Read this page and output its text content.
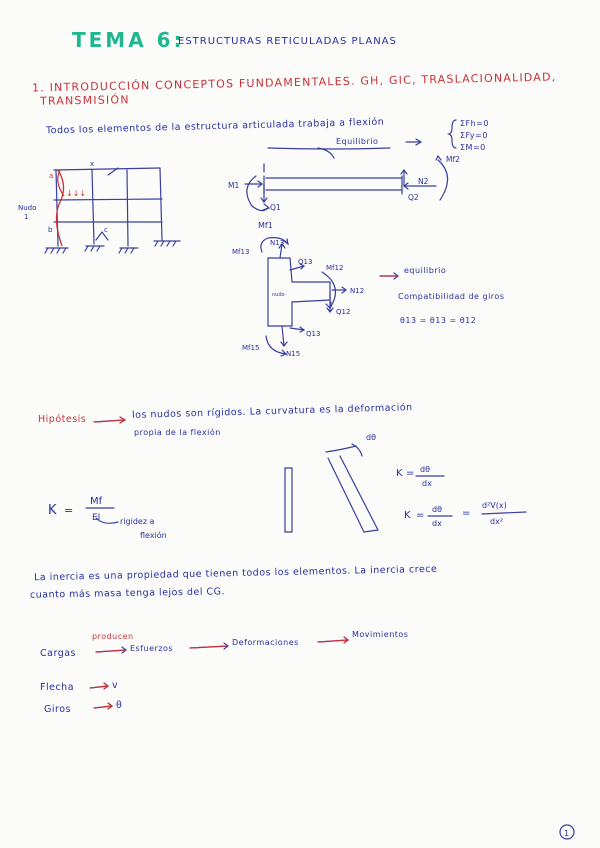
TEMA 6:
ESTRUCTURAS RETICULADAS PLANAS
1. INTRODUCCIÓN CONCEPTOS FUNDAMENTALES. GH, GIC, TRASLACIONALIDAD,
TRANSMISIÓN
Todos los elementos de la estructura articulada trabaja a flexión
Equilibrio
ΣFh=0
ΣFy=0
ΣM=0
Nudo
1
a
x
b	c
↓↓↓
M1
Q1
Mf2
N2
Q2
Mf1
N13
Mf13
Q13
Mf12
N12
Q12
Q13
Mf15
N15
nudo
dθ
K = dθ
dx
K =
dθ
dx
=
d²V(x)
dx²
K =
Mf
EI rigidez a
flexión
1
equilibrio
Compatibilidad de giros
θ13 = θ13 = θ12
Hipótesis	los nudos son rígidos. La curvatura es la deformación
propia de la flexión
La inercia es una propiedad que tienen todos los elementos. La inercia crece
cuanto más masa tenga lejos del CG.
producen
Cargas	Esfuerzos
Deformaciones
Movimientos
Flecha	v
Giros	θ
